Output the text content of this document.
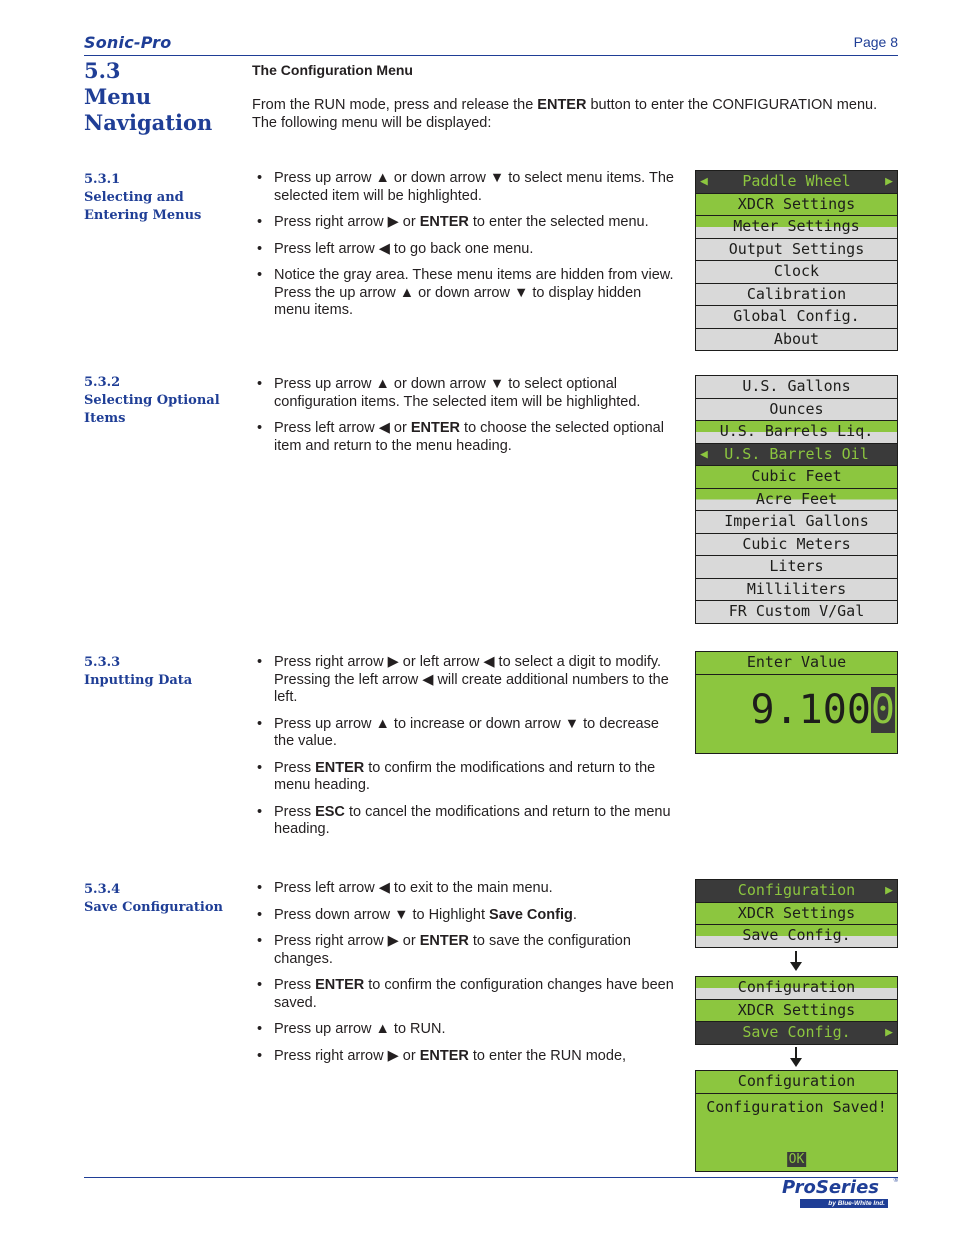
Sonic-Pro	Page 8
5.3
Menu
Navigation
The Configuration Menu
From the RUN mode, press and release the ENTER button to enter the CONFIGURATION menu. The following menu will be displayed:
5.3.1
Selecting and
Entering Menus
• Press up arrow ▲ or down arrow ▼ to select menu items. The selected item will be highlighted.
• Press right arrow ▶ or ENTER to enter the selected menu.
• Press left arrow ◀ to go back one menu.
• Notice the gray area. These menu items are hidden from view. Press the up arrow ▲ or down arrow ▼ to display hidden menu items.
◀ Paddle Wheel	▶
XDCR Settings
Meter Settings
Output Settings
Clock
Calibration
Global Config.
About
5.3.2
Selecting Optional
Items
• Press up arrow ▲ or down arrow ▼ to select optional configuration items. The selected item will be highlighted.
• Press left arrow ◀ or ENTER to choose the selected optional item and return to the menu heading.
U.S. Gallons
Ounces
U.S. Barrels Liq.
◀ U.S. Barrels Oil
Cubic Feet
Acre Feet
Imperial Gallons
Cubic Meters
Liters
Milliliters
FR Custom V/Gal
5.3.3
Inputting Data
• Press right arrow ▶ or left arrow ◀ to select a digit to modify. Pressing the left arrow ◀ will create additional numbers to the left.
• Press up arrow ▲ to increase or down arrow ▼ to decrease the value.
• Press ENTER to confirm the modifications and return to the menu heading.
• Press ESC to cancel the modifications and return to the menu heading.
Enter Value
9.1000
5.3.4
Save Configuration
• Press left arrow ◀ to exit to the main menu.
• Press down arrow ▼ to Highlight Save Config.
• Press right arrow ▶ or ENTER to save the configuration changes.
• Press ENTER to confirm the configuration changes have been saved.
• Press up arrow ▲ to RUN.
• Press right arrow ▶ or ENTER to enter the RUN mode,
Configuration ▶
XDCR Settings
Save Config.
Configuration
XDCR Settings
Save Config.	▶
Configuration
Configuration Saved!
OK
ProSeries
by Blue-White Ind.
®
